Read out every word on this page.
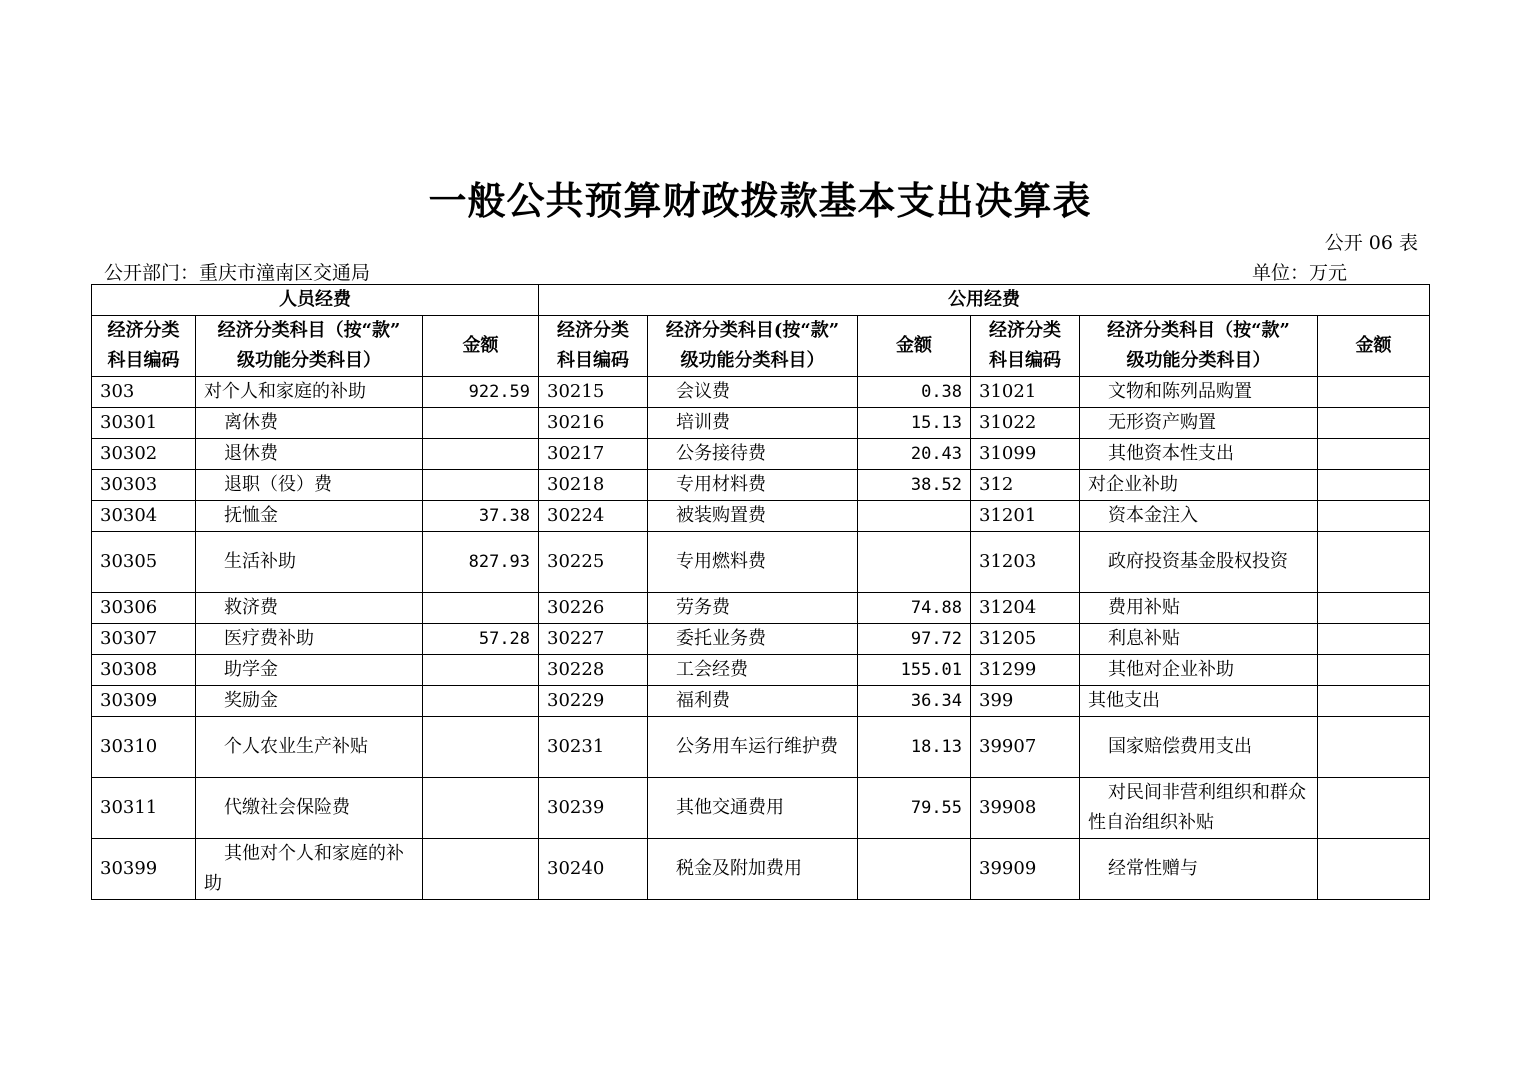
一般公共预算财政拨款基本支出决算表
公开 06 表
公开部门：重庆市潼南区交通局	单位：万元
人员经费			公用经费					
经济分类
科目编码	经济分类科目（按“款”
级功能分类科目）	金额	经济分类
科目编码	经济分类科目(按“款”
级功能分类科目）	金额	经济分类
科目编码	经济分类科目（按“款”
级功能分类科目）	金额
303	对个人和家庭的补助	922.59	30215	会议费	0.38	31021	文物和陈列品购置	
30301	离休费		30216	培训费	15.13	31022	无形资产购置	
30302	退休费		30217	公务接待费	20.43	31099	其他资本性支出	
30303	退职（役）费		30218	专用材料费	38.52	312	对企业补助	
30304	抚恤金	37.38	30224	被装购置费		31201	资本金注入	
30305	生活补助	827.93	30225	专用燃料费		31203	政府投资基金股权投资	
30306	救济费		30226	劳务费	74.88	31204	费用补贴	
30307	医疗费补助	57.28	30227	委托业务费	97.72	31205	利息补贴	
30308	助学金		30228	工会经费	155.01	31299	其他对企业补助	
30309	奖励金		30229	福利费	36.34	399	其他支出	
30310	个人农业生产补贴		30231	公务用车运行维护费	18.13	39907	国家赔偿费用支出	
30311	代缴社会保险费		30239	其他交通费用	79.55	39908	对民间非营利组织和群众性自治组织补贴	
30399	其他对个人和家庭的补助		30240	税金及附加费用		39909	经常性赠与	
